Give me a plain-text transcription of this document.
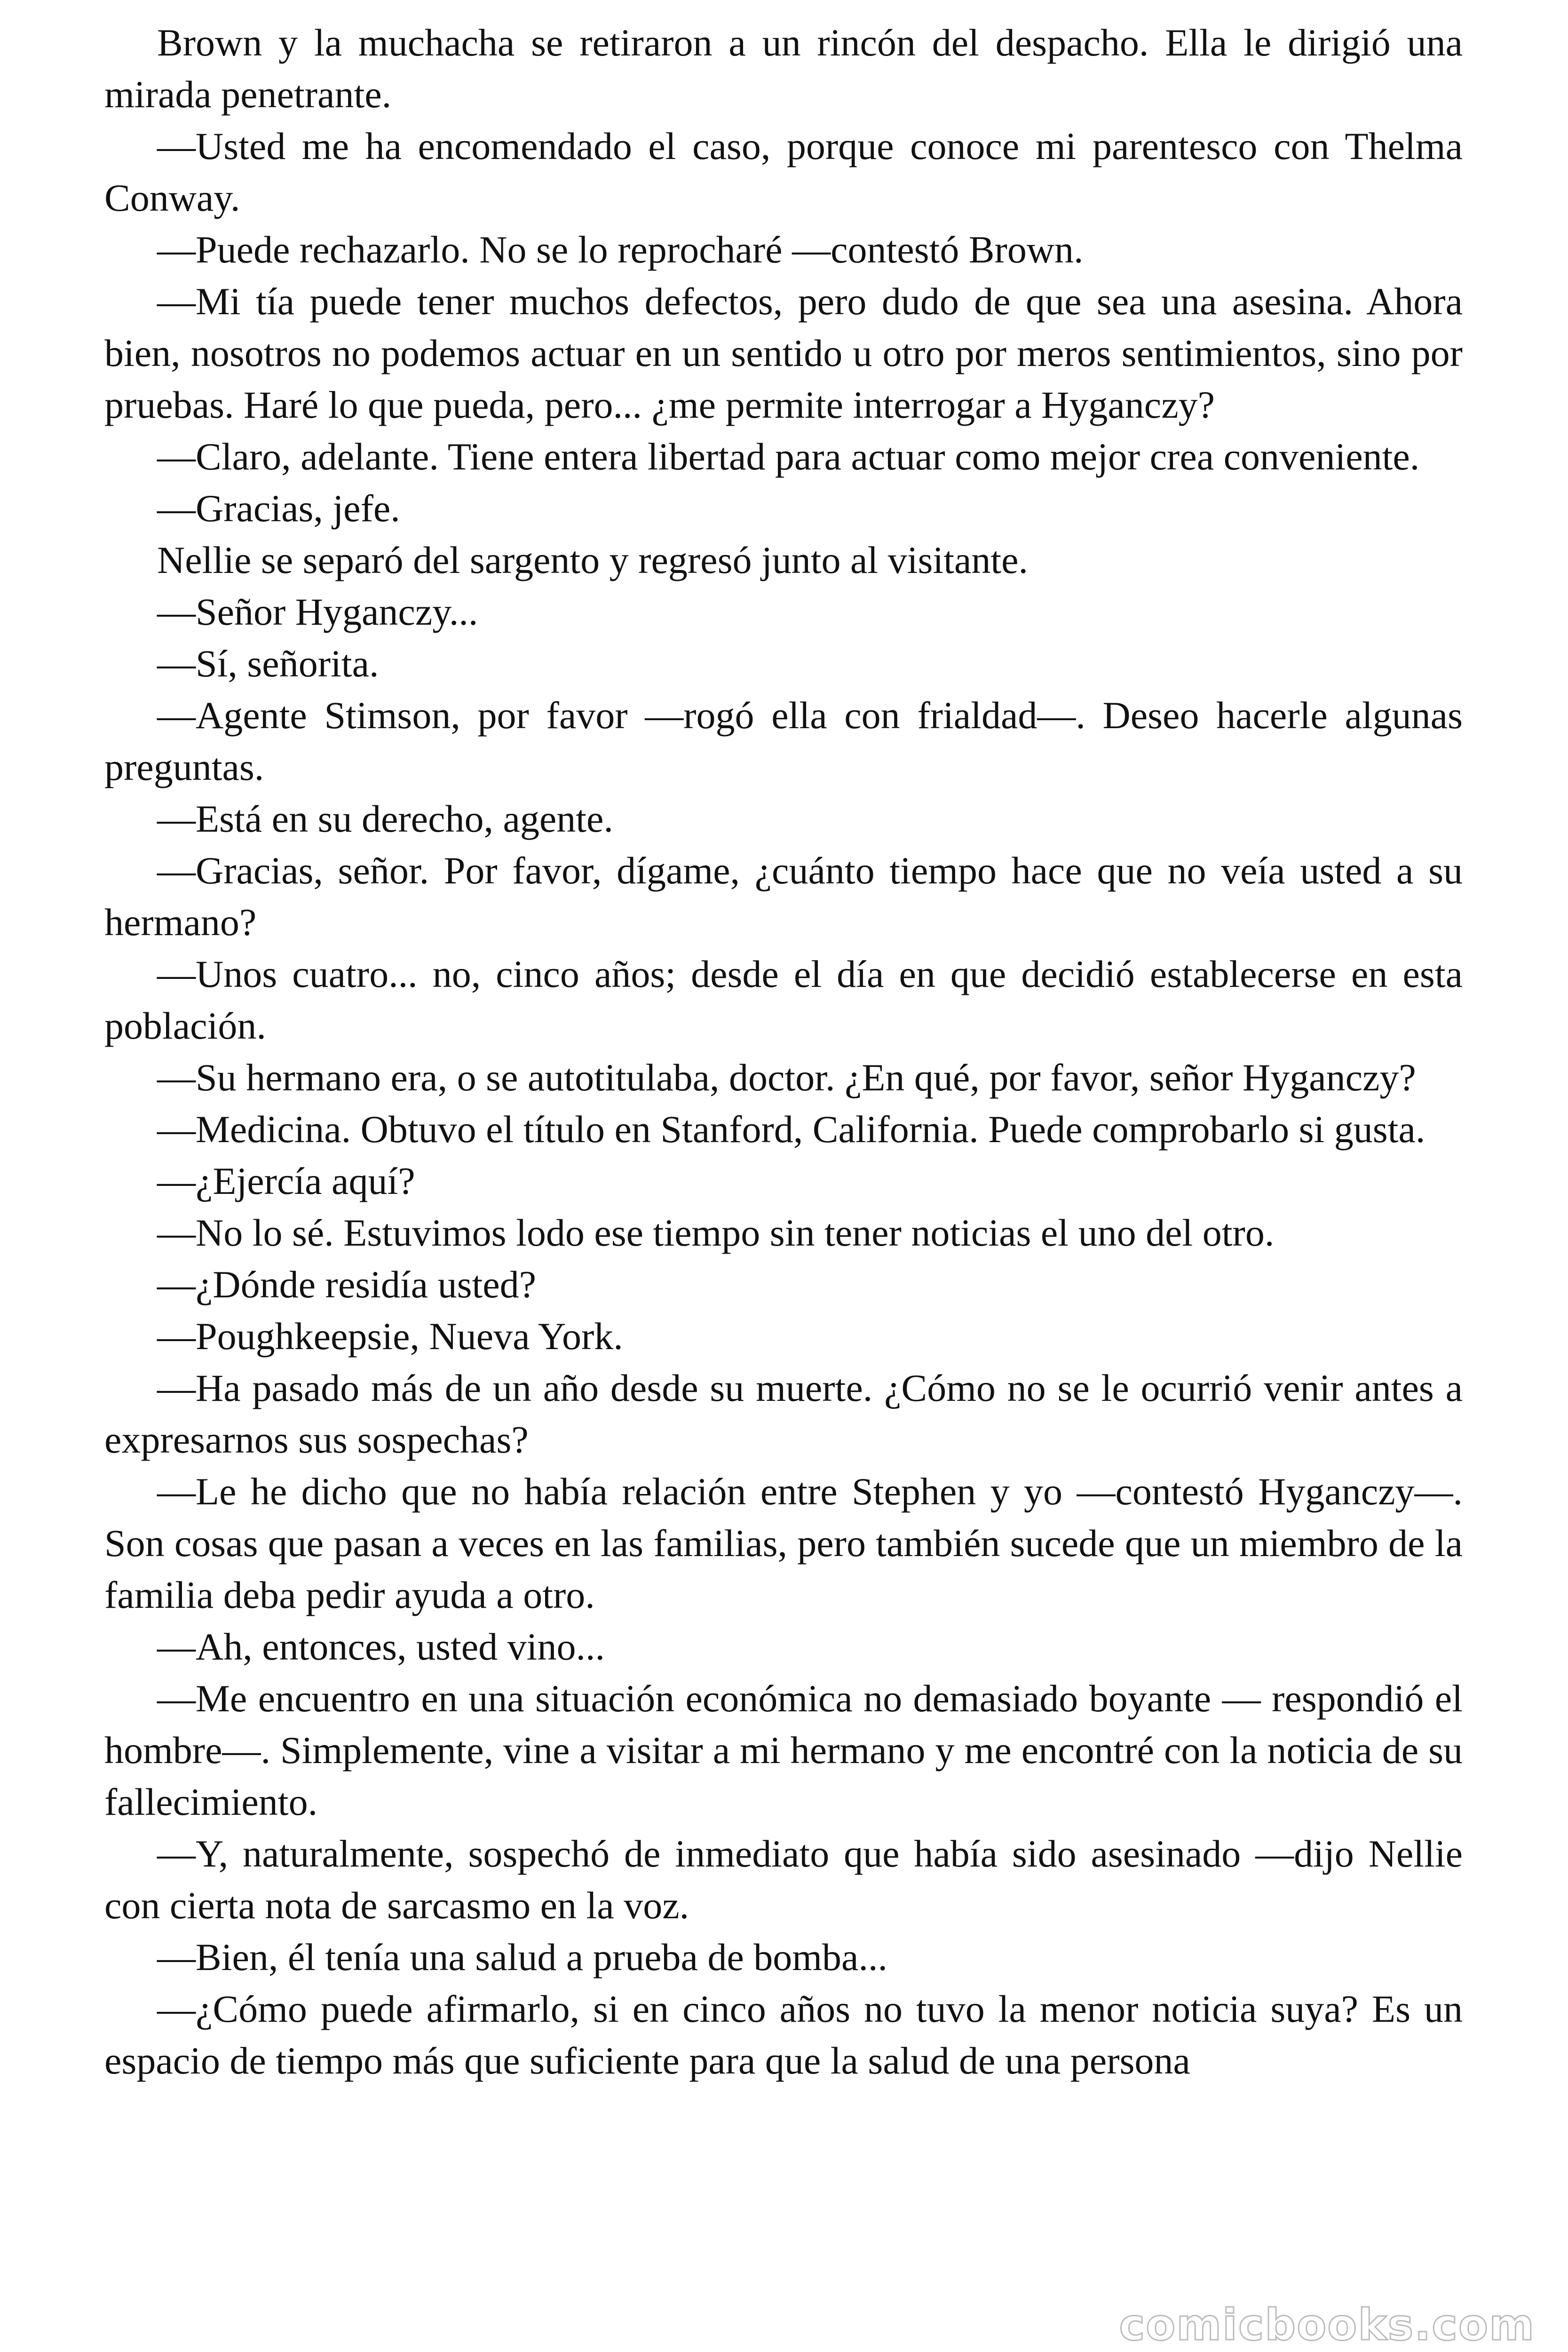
Brown y la muchacha se retiraron a un rincón del despacho. Ella le dirigió una mirada penetrante.

—Usted me ha encomendado el caso, porque conoce mi parentesco con Thelma Conway.

—Puede rechazarlo. No se lo reprocharé —contestó Brown.

—Mi tía puede tener muchos defectos, pero dudo de que sea una asesina. Ahora bien, nosotros no podemos actuar en un sentido u otro por meros sentimientos, sino por pruebas. Haré lo que pueda, pero... ¿me permite interrogar a Hyganczy?

—Claro, adelante. Tiene entera libertad para actuar como mejor crea conveniente.

—Gracias, jefe.

Nellie se separó del sargento y regresó junto al visitante.

—Señor Hyganczy...

—Sí, señorita.

—Agente Stimson, por favor —rogó ella con frialdad—. Deseo hacerle algunas preguntas.

—Está en su derecho, agente.

—Gracias, señor. Por favor, dígame, ¿cuánto tiempo hace que no veía usted a su hermano?

—Unos cuatro... no, cinco años; desde el día en que decidió establecerse en esta población.

—Su hermano era, o se autotitulaba, doctor. ¿En qué, por favor, señor Hyganczy?

—Medicina. Obtuvo el título en Stanford, California. Puede comprobarlo si gusta.

—¿Ejercía aquí?

—No lo sé. Estuvimos lodo ese tiempo sin tener noticias el uno del otro.

—¿Dónde residía usted?

—Poughkeepsie, Nueva York.

—Ha pasado más de un año desde su muerte. ¿Cómo no se le ocurrió venir antes a expresarnos sus sospechas?

—Le he dicho que no había relación entre Stephen y yo —contestó Hyganczy—. Son cosas que pasan a veces en las familias, pero también sucede que un miembro de la familia deba pedir ayuda a otro.

—Ah, entonces, usted vino...

—Me encuentro en una situación económica no demasiado boyante — respondió el hombre—. Simplemente, vine a visitar a mi hermano y me encontré con la noticia de su fallecimiento.

—Y, naturalmente, sospechó de inmediato que había sido asesinado —dijo Nellie con cierta nota de sarcasmo en la voz.

—Bien, él tenía una salud a prueba de bomba...

—¿Cómo puede afirmarlo, si en cinco años no tuvo la menor noticia suya? Es un espacio de tiempo más que suficiente para que la salud de una persona

comicbooks.com
